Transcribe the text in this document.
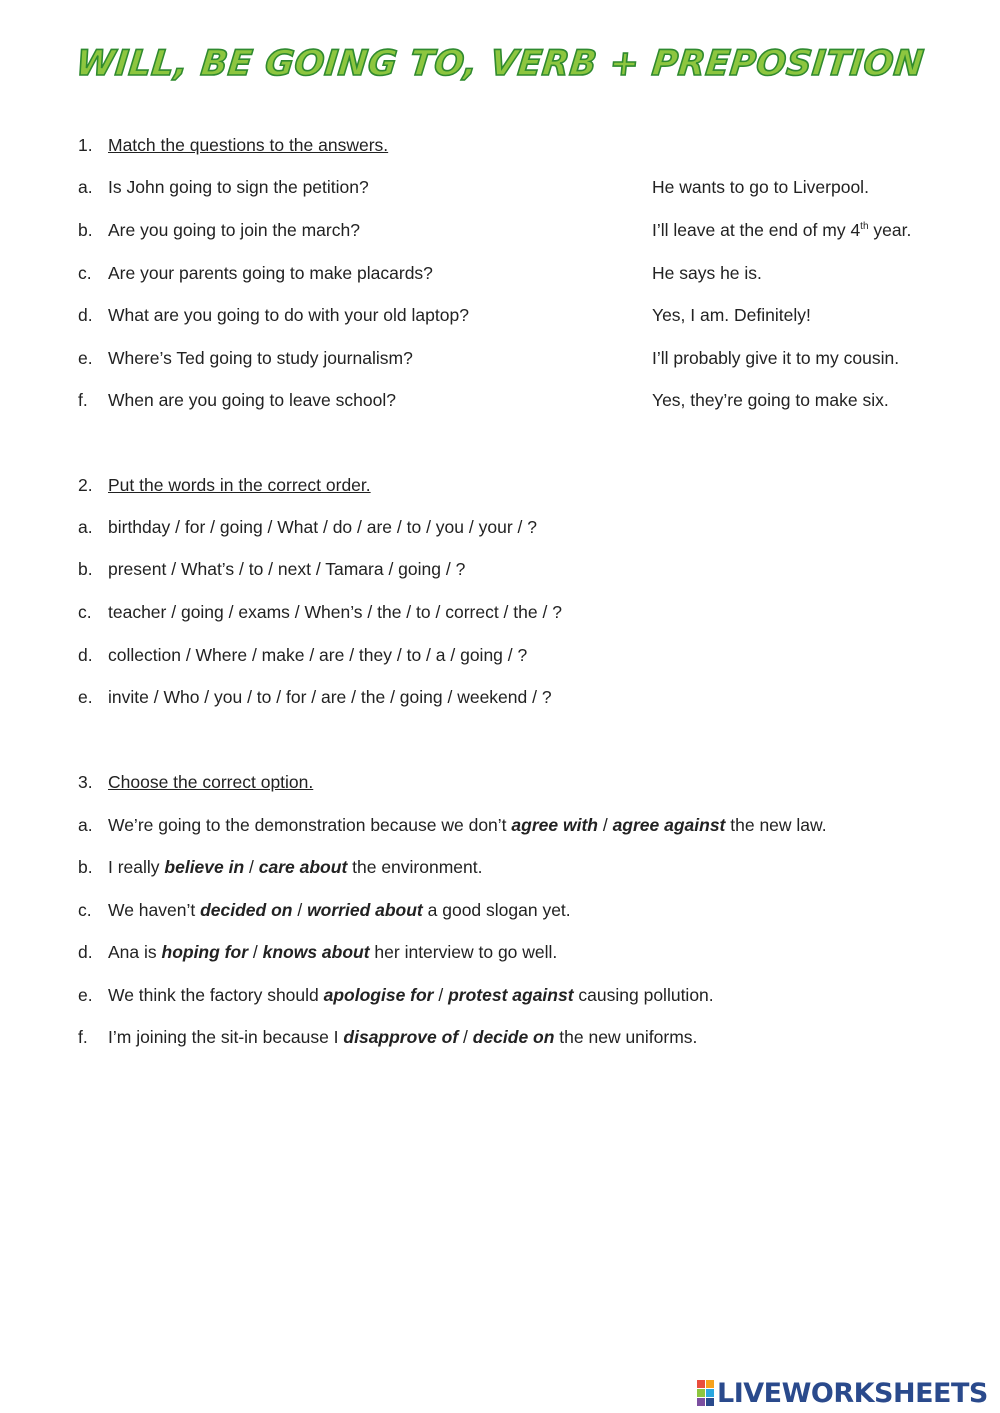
WILL, BE GOING TO, VERB + PREPOSITION
1. Match the questions to the answers.
a. Is John going to sign the petition?	He wants to go to Liverpool.
b. Are you going to join the march?	I’ll leave at the end of my 4th year.
c. Are your parents going to make placards?	He says he is.
d. What are you going to do with your old laptop?	Yes, I am. Definitely!
e. Where’s Ted going to study journalism?	I’ll probably give it to my cousin.
f. When are you going to leave school?	Yes, they’re going to make six.
2. Put the words in the correct order.
a. birthday / for / going / What / do / are / to / you / your / ?
b. present / What’s / to / next / Tamara / going / ?
c. teacher / going / exams / When’s / the / to / correct / the / ?
d. collection / Where / make / are / they / to / a / going / ?
e. invite / Who / you / to / for / are / the / going / weekend / ?
3. Choose the correct option.
a. We’re going to the demonstration because we don’t agree with / agree against the new law.
b. I really believe in / care about the environment.
c. We haven’t decided on / worried about a good slogan yet.
d. Ana is hoping for / knows about her interview to go well.
e. We think the factory should apologise for / protest against causing pollution.
f. I’m joining the sit-in because I disapprove of / decide on the new uniforms.
LIVEWORKSHEETS
